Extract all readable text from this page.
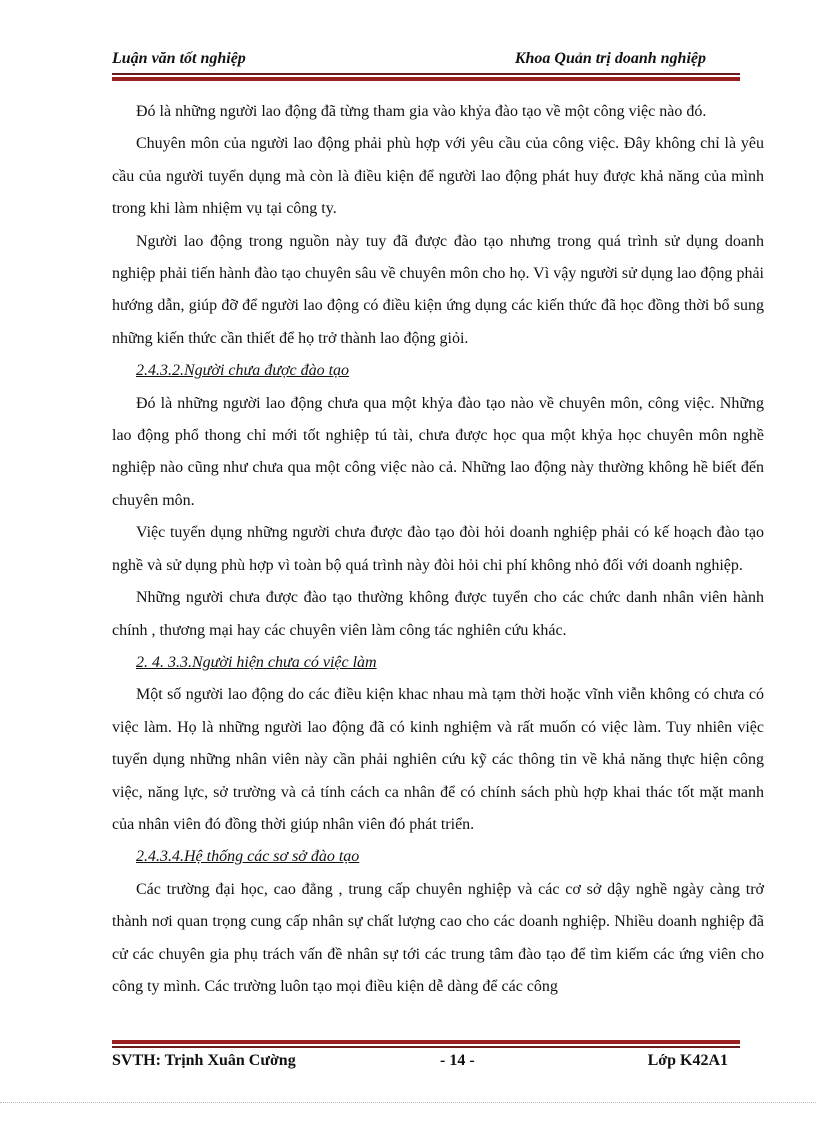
Luận văn tốt nghiệp	Khoa Quản trị doanh nghiệp

Đó là những người lao động đã từng tham gia vào khỷa đào tạo về một công việc nào đó.

Chuyên môn của người lao động phải phù hợp với yêu cầu của công việc. Đây không chỉ là yêu cầu của người tuyển dụng mà còn là điều kiện để người lao động phát huy được khả năng của mình trong khi làm nhiệm vụ tại công ty.

Người lao động trong nguồn này tuy đã được đào tạo nhưng trong quá trình sử dụng doanh nghiệp phải tiến hành đào tạo chuyên sâu về chuyên môn cho họ. Vì vậy người sử dụng lao động phải hướng dẫn, giúp đỡ để người lao động có điều kiện ứng dụng các kiến thức đã học đồng thời bổ sung những kiến thức cần thiết để họ trở thành lao động giỏi.

2.4.3.2.Người chưa được đào tạo

Đó là những người lao động chưa qua một khỷa đào tạo nào về chuyên môn, công việc. Những lao động phổ thong chỉ mới tốt nghiệp tú tài, chưa được học qua một khỷa học chuyên môn nghề nghiệp nào cũng như chưa qua một công việc nào cả. Những lao động này thường không hề biết đến chuyên môn.

Việc tuyển dụng những người chưa được đào tạo đòi hỏi doanh nghiệp phải có kế hoạch đào tạo nghề và sử dụng phù hợp vì toàn bộ quá trình này đòi hỏi chi phí không nhỏ đối với doanh nghiệp.

Những người chưa được đào tạo thường không được tuyển cho các chức danh nhân viên hành chính , thương mại hay các chuyên viên làm công tác nghiên cứu khác.

2. 4. 3.3.Người hiện chưa có việc làm

Một số người lao động do các điều kiện khac nhau mà tạm thời hoặc vĩnh viễn không có chưa có việc làm. Họ là những người lao động đã có kinh nghiệm và rất muốn có việc làm. Tuy nhiên việc tuyển dụng những nhân viên này cần phải nghiên cứu kỹ các thông tin về khả năng thực hiện công việc, năng lực, sở trường và cả tính cách ca nhân để có chính sách phù hợp khai thác tốt mặt manh của nhân viên đó đồng thời giúp nhân viên đó phát triển.

2.4.3.4.Hệ thống các sơ sở đào tạo

Các trường đại học, cao đẳng , trung cấp chuyên nghiệp và các cơ sở dậy nghề ngày càng trở thành nơi quan trọng cung cấp nhân sự chất lượng cao cho các doanh nghiệp. Nhiều doanh nghiệp đã cử các chuyên gia phụ trách vấn đề nhân sự tới các trung tâm đào tạo để tìm kiếm các ứng viên cho công ty mình. Các trường luôn tạo mọi điều kiện dễ dàng để các công

SVTH: Trịnh Xuân Cường	- 14 -	Lớp K42A1
